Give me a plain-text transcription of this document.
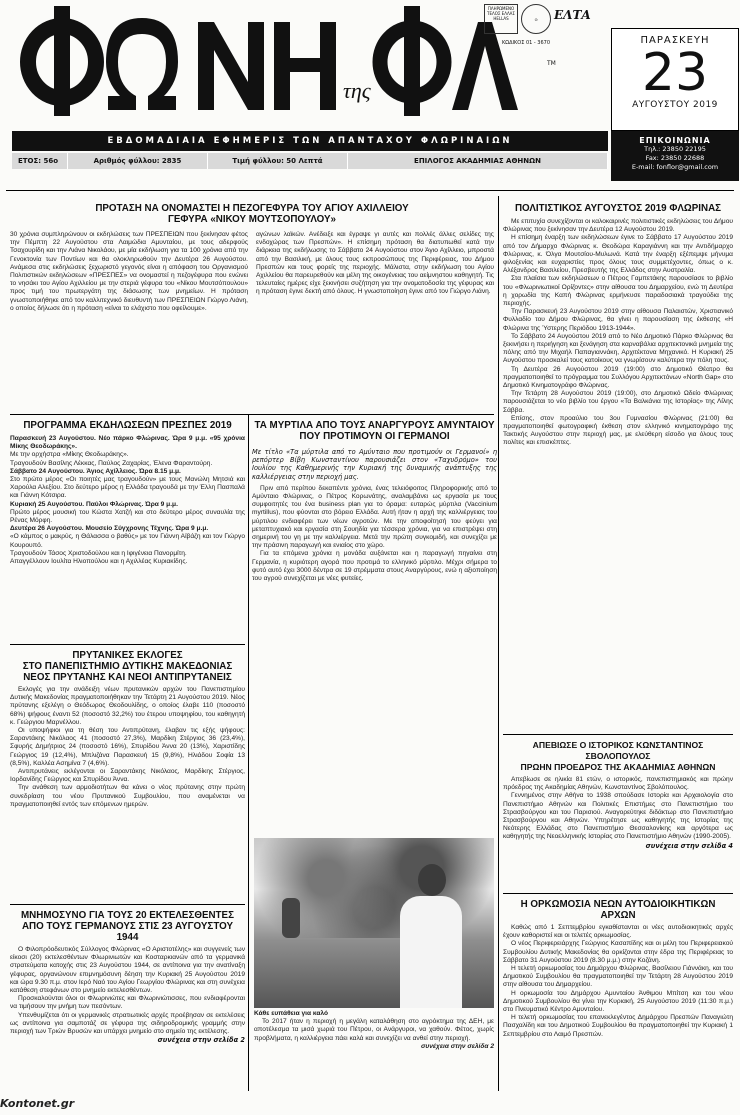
της
ΠΛΗΡΩΜΕΝΟ ΤΕΛΟΣ ΕΛΛΑΣ HELLAS	⊙	ΕΛΤΑ
ΚΩΔΙΚΟΣ 01 - 3670
TM
ΠΑΡΑΣΚΕΥΗ
23
ΑΥΓΟΥΣΤΟΥ 2019
ΕΠΙΚΟΙΝΩΝΙΑ
Τηλ.: 23850 22195
Fax: 23850 22688
E-mail: fonflor@gmail.com
ΕΒΔΟΜΑΔΙΑΙΑ ΕΦΗΜΕΡΙΣ ΤΩΝ ΑΠΑΝΤΑΧΟΥ ΦΛΩΡΙΝΑΙΩΝ
ΕΤΟΣ: 56ο	Αριθμός φύλλου: 2835	Τιμή φύλλου: 50 Λεπτά	ΕΠΙΛΟΓΟΣ ΑΚΑΔΗΜΙΑΣ ΑΘΗΝΩΝ
ΠΡΟΤΑΣΗ ΝΑ ΟΝΟΜΑΣΤΕΙ Η ΠΕΖΟΓΕΦΥΡΑ ΤΟΥ ΑΓΙΟΥ ΑΧΙΛΛΕΙΟΥ
ΓΕΦΥΡΑ «ΝΙΚΟΥ ΜΟΥΤΣΟΠΟΥΛΟΥ»
30 χρόνια συμπληρώνουν οι εκδηλώσεις των ΠΡΕΣΠΕΙΩΝ που ξεκίνησαν φέτος την Πέμπτη 22 Αυγούστου στα Λαιμώδια Αμυνταίου, με τους αδερφούς Τσαχουρίδη και την Λιάνα Νικολάου, με μία εκδήλωση για τα 100 χρόνια από την Γενοκτονία των Ποντίων και θα ολοκληρωθούν την Δευτέρα 26 Αυγούστου. Ανάμεσα στις εκδηλώσεις ξεχωριστό γεγονός είναι η απόφαση του Οργανισμού Πολιτιστικών εκδηλώσεων «ΠΡΕΣΠΕΣ» να ονομαστεί η πεζογέφυρα που ενώνει το νησάκι του Αγίου Αχιλλείου με την στεριά γέφυρα του «Νίκου Μουτσόπουλου» προς τιμή του πρωτεργάτη της διάσωσης των μνημείων. Η πρόταση γνωστοποιήθηκε από τον καλλιτεχνικό διευθυντή των ΠΡΕΣΠΕΙΩΝ Γιώργο Λιάνη, ο οποίος δήλωσε ότι η πρόταση «είναι το ελάχιστο που οφείλουμε».
αγώνων λαϊκών. Ανέδειξε και έγραψε γι αυτές και πολλές άλλες σελίδες της ενδοχώρας των Πρεσπών». Η επίσημη πρόταση θα διατυπωθεί κατά την διάρκεια της εκδήλωσης το Σάββατο 24 Αυγούστου στον Άγιο Αχίλλειο, μπροστά από την Βασιλική, με όλους τους εκπροσώπους της Περιφέρειας, του Δήμου Πρεσπών και τους φορείς της περιοχής. Μάλιστα, στην εκδήλωση του Αγίου Αχιλλείου θα παρευρεθούν και μέλη της οικογένειας του αείμνηστου καθηγητή. Τις τελευταίες ημέρες είχε ξεκινήσει συζήτηση για την ονοματοδοσία της γέφυρας και η πρόταση έγινε δεκτή από όλους. Η γνωστοποίηση έγινε από τον Γιώργο Λιάνη.
ΠΡΟΓΡΑΜΜΑ ΕΚΔΗΛΩΣΕΩΝ ΠΡΕΣΠΕΣ 2019

Παρασκευή 23 Αυγούστου. Νέο πάρκο Φλώρινας. Ώρα 9 μ.μ. «95 χρόνια Μίκης Θεοδωράκης».

Με την ορχήστρα «Μίκης Θεοδωράκης».

Τραγουδούν Βασίλης Λέκκας, Παύλος Ζαχαρίας, Έλενα Φαραντούρη.

Σάββατο 24 Αυγούστου. Άγιος Αχίλλειος. Ώρα 8.15 μ.μ.

Στο πρώτο μέρος «Οι ποιητές μας τραγουδούν» με τους Μανώλη Μητσιά και Χαρούλα Αλεξίου. Στο δεύτερο μέρος η Ελλάδα τραγουδά με την Έλλη Πασπαλά και Γιάννη Κότσιρα.

Κυριακή 25 Αυγούστου. Παύλοι Φλώρινας. Ώρα 9 μ.μ.

Πρώτο μέρος μουσική του Κώστα Χατζή και στο δεύτερο μέρος συναυλία της Ρένας Μόρφη.

Δευτέρα 26 Αυγούστου. Μουσείο Σύγχρονης Τέχνης. Ώρα 9 μ.μ.

«Ο κάμπος ο μακρύς, η Θάλασσα ο βαθύς» με τον Γιάννη Αϊβάζη και τον Γιώργο Κουρουπό.

Τραγουδούν Τάσος Χριστοδούλου και η Ιφιγένεια Πανορμίτη.

Απαγγέλλουν Ιουλίτα Ηλιοπούλου και η Αχιλλέας Κυριακίδης.

ΠΡΥΤΑΝΙΚΕΣ ΕΚΛΟΓΕΣ
ΣΤΟ ΠΑΝΕΠΙΣΤΗΜΙΟ ΔΥΤΙΚΗΣ ΜΑΚΕΔΟΝΙΑΣ
ΝΕΟΣ ΠΡΥΤΑΝΗΣ ΚΑΙ ΝΕΟΙ ΑΝΤΙΠΡΥΤΑΝΕΙΣ

Εκλογές για την ανάδειξη νέων πρυτανικών αρχών του Πανεπιστημίου Δυτικής Μακεδονίας πραγματοποιήθηκαν την Τετάρτη 21 Αυγούστου 2019. Νέος πρύτανης εξελέγη ο Θεόδωρος Θεοδουλίδης, ο οποίος έλαβε 110 (ποσοστό 68%) ψήφους έναντι 52 (ποσοστό 32,2%) του έτερου υποψηφίου, του καθηγητή κ. Γεώργιου Μαρνέλλου.

Οι υποψήφιοι για τη θέση του Αντιπρύτανη, έλαβαν τις εξής ψήφους: Σαραντάκης Νικόλαος 41 (ποσοστό 27,3%), Μαρδίκη Στέργιος 36 (23,4%), Σφυρής Δημήτριος 24 (ποσοστό 16%), Σπυρίδου Άννα 20 (13%), Χαριστίδης Γεώργιος 19 (12,4%), Μπλιζάνα Παρασκευή 15 (9,8%), Ηλιάδου Σοφία 13 (8,5%), Καλλέα Ασημίνα 7 (4,6%).

Αντιπρυτάνεις εκλέγονται οι Σαραντάκης Νικόλαος, Μαρδίκης Στέργιος, Ιορδανίδης Γεώργιος και Σπυρίδου Άννα.

Την ανάθεση των αρμοδιοτήτων θα κάνει ο νέος πρύτανης στην πρώτη συνεδρίαση του νέου Πρυτανικού Συμβουλίου, που αναμένεται να πραγματοποιηθεί εντός των επόμενων ημερών.

ΜΝΗΜΟΣΥΝΟ ΓΙΑ ΤΟΥΣ 20 ΕΚΤΕΛΕΣΘΕΝΤΕΣ
ΑΠΟ ΤΟΥΣ ΓΕΡΜΑΝΟΥΣ ΣΤΙΣ 23 ΑΥΓΟΥΣΤΟΥ 1944

Ο Φιλοπρόοδευτικός Σύλλογος Φλώρινας «Ο Αριστοτέλης» και συγγενείς των είκοσι (20) εκτελεσθέντων Φλωρινιωτών και Κοσταρκιανών από τα γερμανικά στρατεύματα κατοχής στις 23 Αυγούστου 1944, σε αντίποινα για την ανατίναξη γέφυρας, οργανώνουν επιμνημόσυνη δέηση την Κυριακή 25 Αυγούστου 2019 και ώρα 9.30 π.μ. στον Ιερό Ναό του Αγίου Γεωργίου Φλώρινας και στη συνέχεια κατάθεση στεφάνων στο μνημείο εκτελεσθέντων.

Προσκαλούνται όλοι οι Φλωρινιώτες και Φλωρινιώτισσες, που ενδιαφέρονται να τιμήσουν την μνήμη των πεσόντων.

Υπενθυμίζεται ότι οι γερμανικές στρατιωτικές αρχές προέβησαν σε εκτελέσεις ως αντίποινα για σαμποτάζ σε γέφυρα της σιδηροδρομικής γραμμής στην περιοχή των Τριών Βρυσών και υπάρχει μνημείο στο σημείο της εκτέλεσης.

συνέχεια στην σελίδα 2
ΤΑ ΜΥΡΤΙΛΑ ΑΠΟ ΤΟΥΣ ΑΝΑΡΓΥΡΟΥΣ ΑΜΥΝΤΑΙΟΥ
ΠΟΥ ΠΡΟΤΙΜΟΥΝ ΟΙ ΓΕΡΜΑΝΟΙ
Με τίτλο «Τα μύρτιλα από το Αμύνταιο που προτιμούν οι Γερμανοί» η ρεπόρτερ Βίβη Κωνσταντίνου παρουσιάζει στον «Ταχυδρόμο» του Ιουλίου της Καθημερινής την Κυριακή της δυναμικής ανάπτυξης της καλλιέργειας στην περιοχή μας.

Πριν από περίπου δεκαπέντε χρόνια, ένας τελειόφοιτος Πληροφορικής από το Αμύνταιο Φλώρινας, ο Πέτρος Κορωνάτης, αναλαμβάνει ως εργασία με τους συμφοιτητές του ένα business plan για το όραμα: ευταρώς μύρτιλα (Vaccinium myrtillus), που φύονται στο βόρειο Ελλάδα. Αυτή ήταν η αρχή της καλλιέργειας του μύρτιλου ενδιαφέρει των νέων αγροτών. Με την αποφοίτησή του φεύγει για μεταπτυχιακό και εργασία στη Σουηδία για τέσσερα χρόνια, για να επιστρέψει στη σημερινή του γη με την καλλιέργεια. Μετά την πρώτη συγκομιδή, και συνεχίζει με την πράσινη παραγωγή και ενιαίος στο χώρο.

Για τα επόμενα χρόνια η μονάδα αυξάνεται και η παραγωγή πηγαίνει στη Γερμανία, η κυριότερη αγορά που προτιμά το ελληνικό μύρτιλο. Μέχρι σήμερα το φυτό αυτό έχει 3000 δέντρα σε 19 στρέμματα στους Αναργύρους, ενώ η αξιοποίηση του αγρού συνεχίζεται με νέες φυτείες.

Κάθε ευπάθεια για καλό

Το 2017 ήταν η περιοχή η μεγάλη καταλάθηση στο αγρόκτημα της ΔΕΗ, με αποτέλεσμα τα μισά χωριά του Πέτρου, οι Ανάργυροι, να χαθούν. Φέτος, χωρίς προβλήματα, η καλλιέργεια πάει καλά και συνεχίζει να ανθεί στην περιοχή.

συνέχεια στην σελίδα 2
ΠΟΛΙΤΙΣΤΙΚΟΣ ΑΥΓΟΥΣΤΟΣ 2019 ΦΛΩΡΙΝΑΣ

Με επιτυχία συνεχίζονται οι καλοκαιρινές πολιτιστικές εκδηλώσεις του Δήμου Φλώρινας που ξεκίνησαν την Δευτέρα 12 Αυγούστου 2019.

Η επίσημη έναρξη των εκδηλώσεων έγινε το Σάββατο 17 Αυγούστου 2019 από τον Δήμαρχο Φλώρινας κ. Θεοδώρα Καραγιάννη και την Αντιδήμαρχο Φλώρινας, κ. Όλγα Μουτσίου-Μυλωνά. Κατά την έναρξη εξέπεμψε μήνυμα φιλοξενίας και ευχαριστίες προς όλους τους συμμετέχοντες, όπως ο κ. Αλέξανδρος Βασιλείου, Πρεσβευτής της Ελλάδος στην Αυστραλία.

Στα πλαίσια των εκδηλώσεων ο Πέτρος Γαμπετάκης παρουσίασε το βιβλίο του «Φλωρινιωτικοί Ορίζοντες» στην αίθουσα του Δημαρχείου, ενώ τη Δευτέρα η χορωδία της Καπή Φλώρινας ερμήνευσε παραδοσιακά τραγούδια της περιοχής.

Την Παρασκευή 23 Αυγούστου 2019 στην αίθουσα Παλαιστών, Χριστιανικό Φυλλαδίο του Δήμου Φλώρινας, θα γίνει η παρουσίαση της έκθεσης «Η Φλώρινα της Ύστερης Περιόδου 1913-1944».

Το Σάββατο 24 Αυγούστου 2019 από το Νέο Δημοτικό Πάρκο Φλώρινας θα ξεκινήσει η περιήγηση και ξενάγηση στα καρναβάλια αρχιτεκτονικά μνημεία της πόλης από την Μιχαήλ Παπαγιαννάκη, Αρχιτέκτονα Μηχανικό. Η Κυριακή 25 Αυγούστου προσκαλεί τους κατοίκους να γνωρίσουν καλύτερα την πόλη τους.

Τη Δευτέρα 26 Αυγούστου 2019 (19:00) στο Δημοτικό Θέατρο θα πραγματοποιηθεί το πρόγραμμα του Συλλόγου Αρχιτεκτόνων «North Gap» στο Δημοτικό Κινηματογράφο Φλώρινας.

Την Τετάρτη 28 Αυγούστου 2019 (19:00), στο Δημοτικό Ωδείο Φλώρινας παρουσιάζεται το νέο βιβλίο του έργου «Τα Βαλκάνια της Ιστορίας» της Λίλης Σάββα.

Επίσης, στον προαύλιο του 3ου Γυμνασίου Φλώρινας (21:00) θα πραγματοποιηθεί φωτογραφική έκθεση στον ελληνικό κινηματογράφο της Τακτικής Αυγούστου στην περιοχή μας, με ελεύθερη είσοδο για όλους τους πολίτες και επισκέπτες.

ΑΠΕΒΙΩΣΕ Ο ΙΣΤΟΡΙΚΟΣ ΚΩΝΣΤΑΝΤΙΝΟΣ ΣΒΟΛΟΠΟΥΛΟΣ
ΠΡΩΗΝ ΠΡΟΕΔΡΟΣ ΤΗΣ ΑΚΑΔΗΜΙΑΣ ΑΘΗΝΩΝ

Απεβίωσε σε ηλικία 81 ετών, ο ιστορικός, πανεπιστημιακός και πρώην πρόεδρος της Ακαδημίας Αθηνών, Κωνσταντίνος Σβολόπουλος.

Γεννημένος στην Αθήνα το 1938 σπούδασε Ιστορία και Αρχαιολογία στο Πανεπιστήμιο Αθηνών και Πολιτικές Επιστήμες στο Πανεπιστήμιο του Στρασβούργου και του Παρισιού. Αναγορεύτηκε διδάκτωρ στο Πανεπιστήμιο Στρασβούργου και Αθηνών. Υπηρέτησε ως καθηγητής της Ιστορίας της Νεότερης Ελλάδας στο Πανεπιστήμιο Θεσσαλονίκης και αργότερα ως καθηγητής της Νεοελληνικής Ιστορίας στο Πανεπιστήμιο Αθηνών (1990-2005).

συνέχεια στην σελίδα 4
Η ΟΡΚΩΜΟΣΙΑ ΝΕΩΝ ΑΥΤΟΔΙΟΙΚΗΤΙΚΩΝ ΑΡΧΩΝ

Καθώς από 1 Σεπτεμβρίου εγκαθίστανται οι νέες αυτοδιοικητικές αρχές έχουν καθοριστεί και οι τελετές ορκωμοσίας.

Ο νέος Περιφερειάρχης Γεώργιος Κασαπίδης και οι μέλη του Περιφερειακού Συμβουλίου Δυτικής Μακεδονίας θα ορκίζονται στην έδρα της Περιφέρειας το Σάββατο 31 Αυγούστου 2019 (8.30 μ.μ.) στην Κοζάνη.

Η τελετή ορκωμοσίας του Δημάρχου Φλώρινας, Βασίλειου Γιάννάκη, και του Δημοτικού Συμβουλίου θα πραγματοποιηθεί την Τετάρτη 28 Αυγούστου 2019 στην αίθουσα του Δημαρχείου.

Η ορκωμοσία του Δημάρχου Αμυνταίου Άνθιμου Μπίτση και του νέου Δημοτικού Συμβουλίου θα γίνει την Κυριακή, 25 Αυγούστου 2019 (11:30 π.μ.) στο Πνευματικό Κέντρο Αμυνταίου.

Η τελετή ορκωμοσίας του επανεκλεγέντος Δημάρχου Πρεσπών Παναγιώτη Πασχαλίδη και του Δημοτικού Συμβουλίου θα πραγματοποιηθεί την Κυριακή 1 Σεπτεμβρίου στο Λαιμό Πρεσπών.

Kontonet.gr
